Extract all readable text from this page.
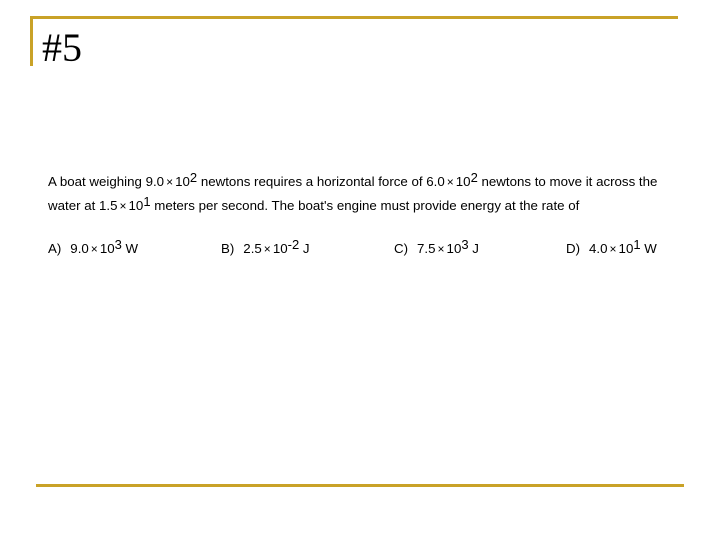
#5
A boat weighing $9.0 \times 10^2$ newtons requires a horizontal force of $6.0 \times 10^2$ newtons to move it across the water at $1.5 \times 10^1$ meters per second. The boat's engine must provide energy at the rate of
A) $9.0 \times 10^3$ W	B) $2.5 \times 10^{-2}$ J	C) $7.5 \times 10^3$ J	D) $4.0 \times 10^1$ W
